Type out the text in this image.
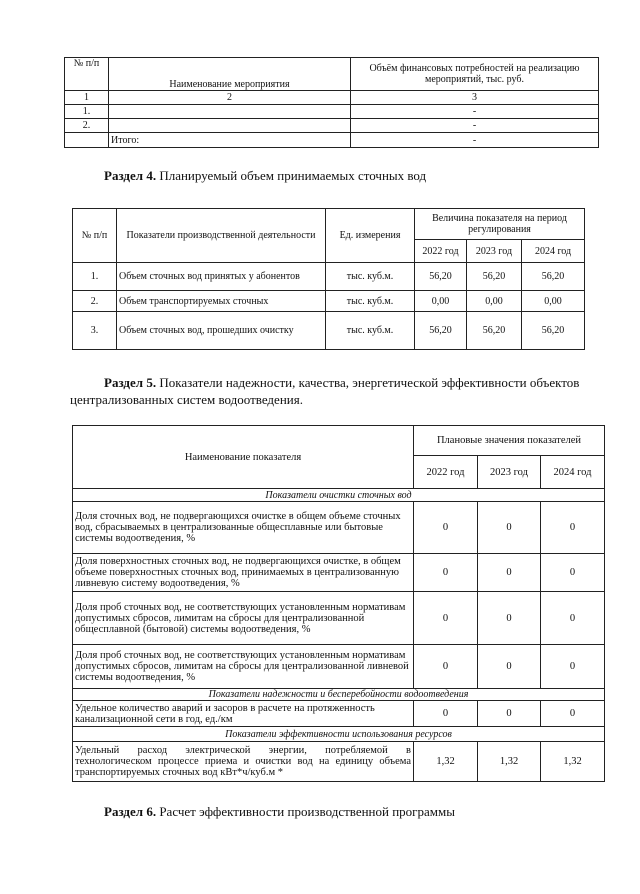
№ п/п	Наименование мероприятия	Объём финансовых потребностей на реализацию мероприятий, тыс. руб.
1	2	3
1.		-
2.		-
	Итого:	-
Раздел 4. Планируемый объем принимаемых сточных вод
№ п/п	Показатели производственной деятельности	Ед. измерения	Величина показателя на период регулирования		
			2022 год	2023 год	2024 год
1.	Объем сточных вод принятых у абонентов	тыс. куб.м.	56,20	56,20	56,20
2.	Объем транспортируемых сточных	тыс. куб.м.	0,00	0,00	0,00
3.	Объем сточных вод, прошедших очистку	тыс. куб.м.	56,20	56,20	56,20
Раздел 5. Показатели надежности, качества, энергетической эффективности объектов
централизованных систем водоотведения.
Наименование показателя	Плановые значения показателей		
	2022 год	2023 год	2024 год
Показатели очистки сточных вод			
Доля сточных вод, не подвергающихся очистке в общем объеме сточных вод, сбрасываемых в централизованные общесплавные или бытовые системы водоотведения, %	0	0	0
Доля поверхностных сточных вод, не подвергающихся очистке, в общем объеме поверхностных сточных вод, принимаемых в централизованную ливневую систему водоотведения, %	0	0	0
Доля проб сточных вод, не соответствующих установленным нормативам допустимых сбросов, лимитам на сбросы для централизованной общесплавной (бытовой) системы водоотведения, %	0	0	0
Доля проб сточных вод, не соответствующих установленным нормативам допустимых сбросов, лимитам на сбросы для централизованной ливневой системы водоотведения, %	0	0	0
Показатели надежности и бесперебойности водоотведения			
Удельное количество аварий и засоров в расчете на протяженность канализационной сети в год, ед./км	0	0	0
Показатели эффективности использования ресурсов			
Удельный расход электрической энергии, потребляемой в технологическом процессе приема и очистки вод на единицу объема транспортируемых сточных вод кВт*ч/куб.м *	1,32	1,32	1,32
Раздел 6. Расчет эффективности производственной программы
